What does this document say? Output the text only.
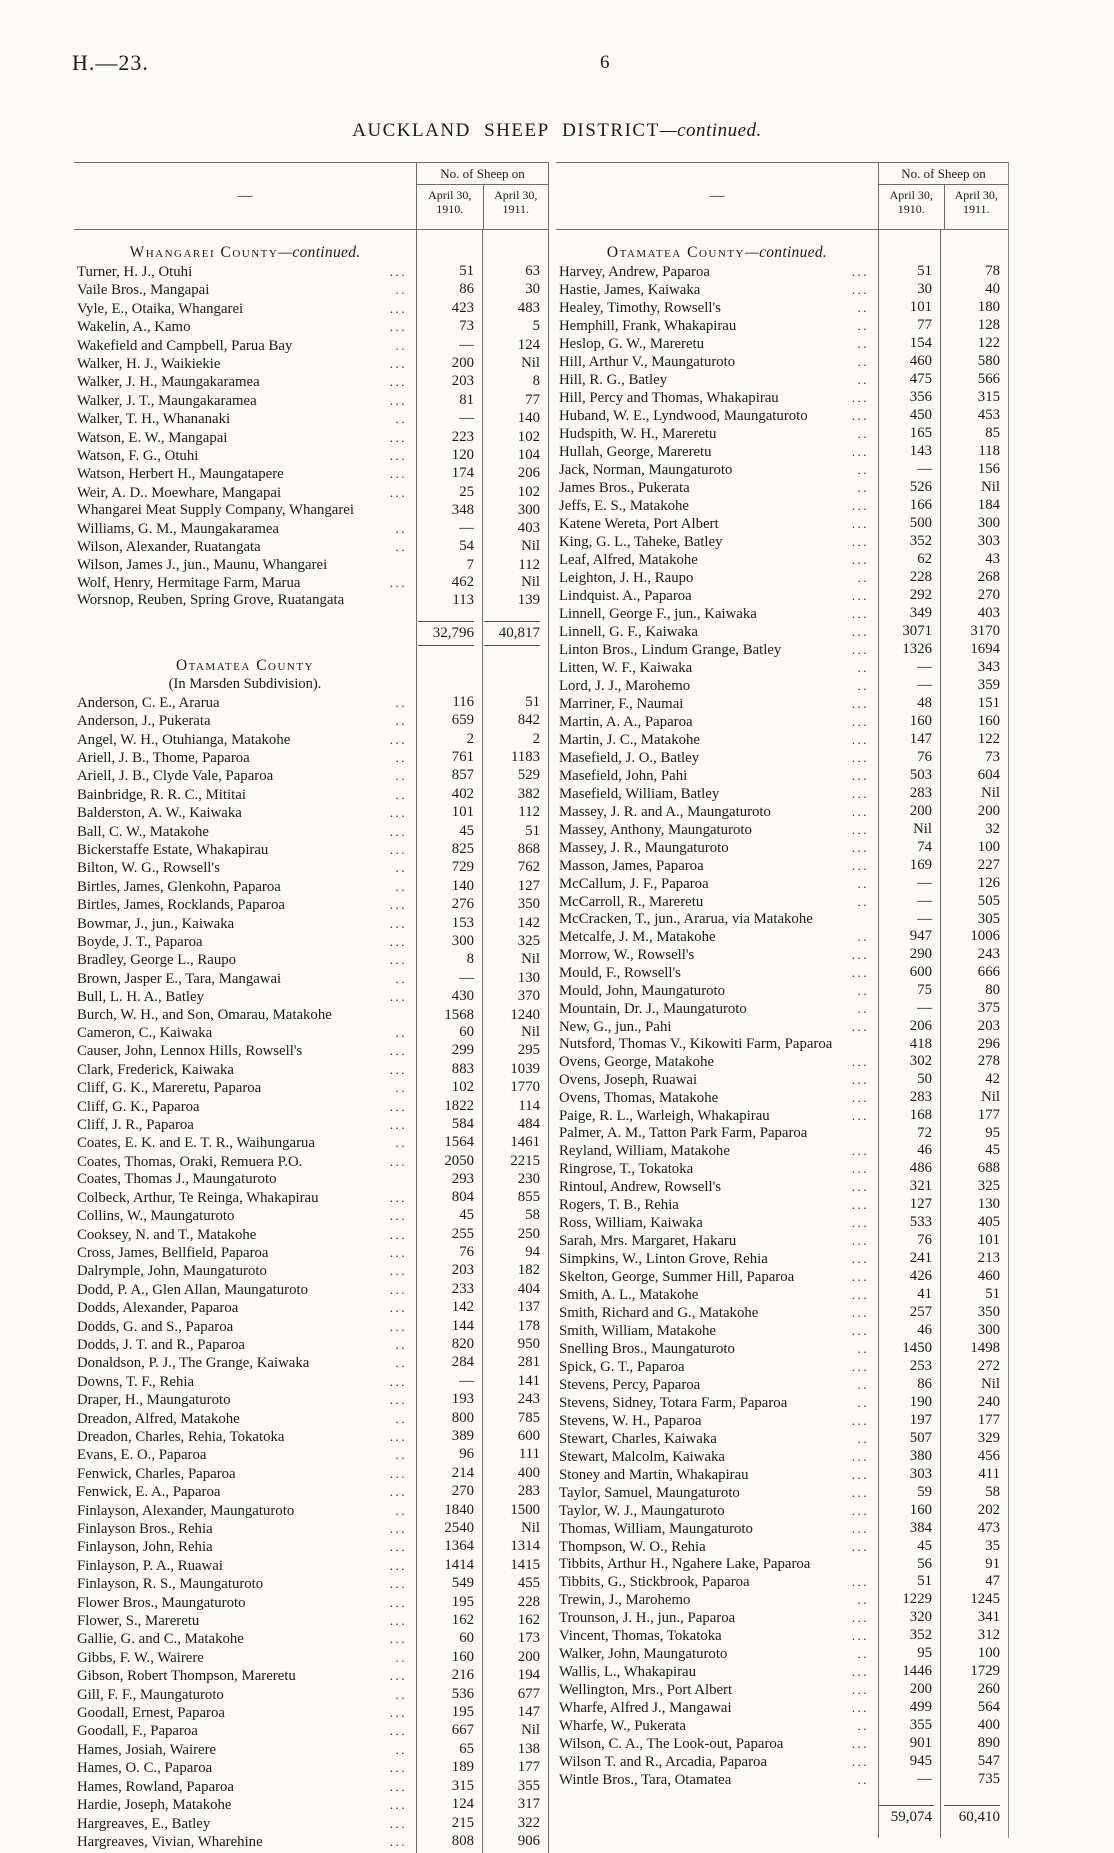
H.—23.	6
AUCKLAND SHEEP DISTRICT—continued.
—
No. of Sheep on
April 30, 1910.
April 30, 1911.
Whangarei County—continued.
Turner, H. J., Otuhi	...	51	63
Vaile Bros., Mangapai	..	86	30
Vyle, E., Otaika, Whangarei	...	423	483
Wakelin, A., Kamo	...	73	5
Wakefield and Campbell, Parua Bay	..	—	124
Walker, H. J., Waikiekie	...	200	Nil
Walker, J. H., Maungakaramea	...	203	8
Walker, J. T., Maungakaramea	...	81	77
Walker, T. H., Whananaki	..	—	140
Watson, E. W., Mangapai	...	223	102
Watson, F. G., Otuhi	...	120	104
Watson, Herbert H., Maungatapere	...	174	206
Weir, A. D.. Moewhare, Mangapai	...	25	102
Whangarei Meat Supply Company, Whangarei	348	300
Williams, G. M., Maungakaramea	..	—	403
Wilson, Alexander, Ruatangata	..	54	Nil
Wilson, James J., jun., Maunu, Whangarei	7	112
Wolf, Henry, Hermitage Farm, Marua	...	462	Nil
Worsnop, Reuben, Spring Grove, Ruatangata	113	139
32,796	40,817
Otamatea County
(In Marsden Subdivision).
Anderson, C. E., Ararua	..	116	51
Anderson, J., Pukerata	..	659	842
Angel, W. H., Otuhianga, Matakohe	...	2	2
Ariell, J. B., Thome, Paparoa	..	761	1183
Ariell, J. B., Clyde Vale, Paparoa	..	857	529
Bainbridge, R. R. C., Mititai	..	402	382
Balderston, A. W., Kaiwaka	...	101	112
Ball, C. W., Matakohe	...	45	51
Bickerstaffe Estate, Whakapirau	...	825	868
Bilton, W. G., Rowsell's	..	729	762
Birtles, James, Glenkohn, Paparoa	..	140	127
Birtles, James, Rocklands, Paparoa	...	276	350
Bowmar, J., jun., Kaiwaka	...	153	142
Boyde, J. T., Paparoa	...	300	325
Bradley, George L., Raupo	...	8	Nil
Brown, Jasper E., Tara, Mangawai	..	—	130
Bull, L. H. A., Batley	...	430	370
Burch, W. H., and Son, Omarau, Matakohe	1568	1240
Cameron, C., Kaiwaka	..	60	Nil
Causer, John, Lennox Hills, Rowsell's	...	299	295
Clark, Frederick, Kaiwaka	...	883	1039
Cliff, G. K., Mareretu, Paparoa	..	102	1770
Cliff, G. K., Paparoa	...	1822	114
Cliff, J. R., Paparoa	...	584	484
Coates, E. K. and E. T. R., Waihungarua	..	1564	1461
Coates, Thomas, Oraki, Remuera P.O.	...	2050	2215
Coates, Thomas J., Maungaturoto	293	230
Colbeck, Arthur, Te Reinga, Whakapirau	...	804	855
Collins, W., Maungaturoto	...	45	58
Cooksey, N. and T., Matakohe	...	255	250
Cross, James, Bellfield, Paparoa	...	76	94
Dalrymple, John, Maungaturoto	...	203	182
Dodd, P. A., Glen Allan, Maungaturoto	...	233	404
Dodds, Alexander, Paparoa	...	142	137
Dodds, G. and S., Paparoa	...	144	178
Dodds, J. T. and R., Paparoa	..	820	950
Donaldson, P. J., The Grange, Kaiwaka	..	284	281
Downs, T. F., Rehia	...	—	141
Draper, H., Maungaturoto	...	193	243
Dreadon, Alfred, Matakohe	..	800	785
Dreadon, Charles, Rehia, Tokatoka	...	389	600
Evans, E. O., Paparoa	..	96	111
Fenwick, Charles, Paparoa	...	214	400
Fenwick, E. A., Paparoa	...	270	283
Finlayson, Alexander, Maungaturoto	..	1840	1500
Finlayson Bros., Rehia	...	2540	Nil
Finlayson, John, Rehia	...	1364	1314
Finlayson, P. A., Ruawai	...	1414	1415
Finlayson, R. S., Maungaturoto	...	549	455
Flower Bros., Maungaturoto	...	195	228
Flower, S., Mareretu	...	162	162
Gallie, G. and C., Matakohe	...	60	173
Gibbs, F. W., Wairere	..	160	200
Gibson, Robert Thompson, Mareretu	...	216	194
Gill, F. F., Maungaturoto	..	536	677
Goodall, Ernest, Paparoa	...	195	147
Goodall, F., Paparoa	...	667	Nil
Hames, Josiah, Wairere	..	65	138
Hames, O. C., Paparoa	...	189	177
Hames, Rowland, Paparoa	...	315	355
Hardie, Joseph, Matakohe	...	124	317
Hargreaves, E., Batley	...	215	322
Hargreaves, Vivian, Wharehine	...	808	906
—
No. of Sheep on
April 30, 1910.
April 30, 1911.
Otamatea County—continued.
Harvey, Andrew, Paparoa	...	51	78
Hastie, James, Kaiwaka	...	30	40
Healey, Timothy, Rowsell's	..	101	180
Hemphill, Frank, Whakapirau	..	77	128
Heslop, G. W., Mareretu	..	154	122
Hill, Arthur V., Maungaturoto	..	460	580
Hill, R. G., Batley	..	475	566
Hill, Percy and Thomas, Whakapirau	...	356	315
Huband, W. E., Lyndwood, Maungaturoto	...	450	453
Hudspith, W. H., Mareretu	..	165	85
Hullah, George, Mareretu	...	143	118
Jack, Norman, Maungaturoto	..	—	156
James Bros., Pukerata	..	526	Nil
Jeffs, E. S., Matakohe	...	166	184
Katene Wereta, Port Albert	...	500	300
King, G. L., Taheke, Batley	...	352	303
Leaf, Alfred, Matakohe	...	62	43
Leighton, J. H., Raupo	..	228	268
Lindquist. A., Paparoa	...	292	270
Linnell, George F., jun., Kaiwaka	...	349	403
Linnell, G. F., Kaiwaka	...	3071	3170
Linton Bros., Lindum Grange, Batley	...	1326	1694
Litten, W. F., Kaiwaka	..	—	343
Lord, J. J., Marohemo	..	—	359
Marriner, F., Naumai	...	48	151
Martin, A. A., Paparoa	...	160	160
Martin, J. C., Matakohe	...	147	122
Masefield, J. O., Batley	...	76	73
Masefield, John, Pahi	...	503	604
Masefield, William, Batley	...	283	Nil
Massey, J. R. and A., Maungaturoto	...	200	200
Massey, Anthony, Maungaturoto	...	Nil	32
Massey, J. R., Maungaturoto	...	74	100
Masson, James, Paparoa	...	169	227
McCallum, J. F., Paparoa	..	—	126
McCarroll, R., Mareretu	..	—	505
McCracken, T., jun., Ararua, via Matakohe	—	305
Metcalfe, J. M., Matakohe	..	947	1006
Morrow, W., Rowsell's	...	290	243
Mould, F., Rowsell's	...	600	666
Mould, John, Maungaturoto	..	75	80
Mountain, Dr. J., Maungaturoto	..	—	375
New, G., jun., Pahi	...	206	203
Nutsford, Thomas V., Kikowiti Farm, Paparoa	418	296
Ovens, George, Matakohe	...	302	278
Ovens, Joseph, Ruawai	...	50	42
Ovens, Thomas, Matakohe	...	283	Nil
Paige, R. L., Warleigh, Whakapirau	...	168	177
Palmer, A. M., Tatton Park Farm, Paparoa	72	95
Reyland, William, Matakohe	...	46	45
Ringrose, T., Tokatoka	...	486	688
Rintoul, Andrew, Rowsell's	...	321	325
Rogers, T. B., Rehia	...	127	130
Ross, William, Kaiwaka	...	533	405
Sarah, Mrs. Margaret, Hakaru	...	76	101
Simpkins, W., Linton Grove, Rehia	...	241	213
Skelton, George, Summer Hill, Paparoa	...	426	460
Smith, A. L., Matakohe	...	41	51
Smith, Richard and G., Matakohe	...	257	350
Smith, William, Matakohe	...	46	300
Snelling Bros., Maungaturoto	..	1450	1498
Spick, G. T., Paparoa	...	253	272
Stevens, Percy, Paparoa	..	86	Nil
Stevens, Sidney, Totara Farm, Paparoa	..	190	240
Stevens, W. H., Paparoa	...	197	177
Stewart, Charles, Kaiwaka	..	507	329
Stewart, Malcolm, Kaiwaka	...	380	456
Stoney and Martin, Whakapirau	...	303	411
Taylor, Samuel, Maungaturoto	...	59	58
Taylor, W. J., Maungaturoto	...	160	202
Thomas, William, Maungaturoto	...	384	473
Thompson, W. O., Rehia	...	45	35
Tibbits, Arthur H., Ngahere Lake, Paparoa	56	91
Tibbits, G., Stickbrook, Paparoa	...	51	47
Trewin, J., Marohemo	..	1229	1245
Trounson, J. H., jun., Paparoa	...	320	341
Vincent, Thomas, Tokatoka	...	352	312
Walker, John, Maungaturoto	..	95	100
Wallis, L., Whakapirau	...	1446	1729
Wellington, Mrs., Port Albert	...	200	260
Wharfe, Alfred J., Mangawai	...	499	564
Wharfe, W., Pukerata	..	355	400
Wilson, C. A., The Look-out, Paparoa	...	901	890
Wilson T. and R., Arcadia, Paparoa	...	945	547
Wintle Bros., Tara, Otamatea	..	—	735
59,074	60,410
